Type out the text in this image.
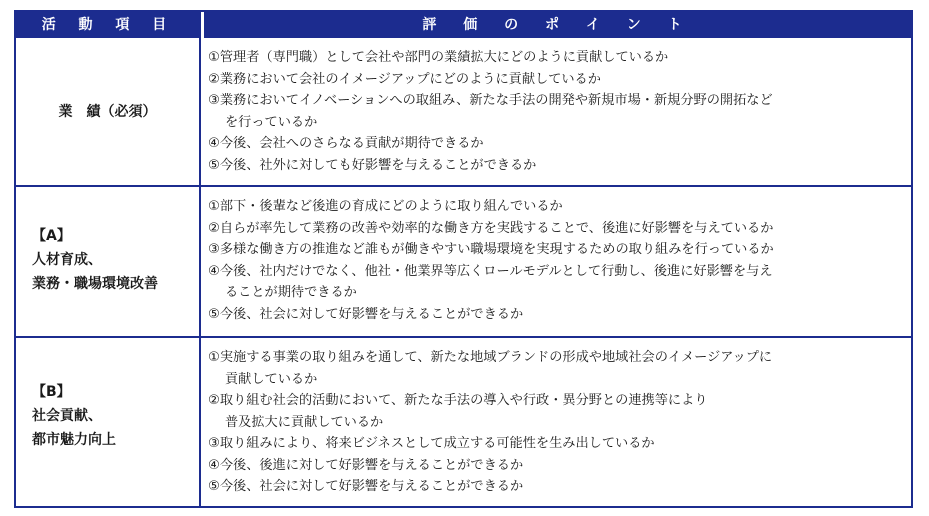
活 動 項 目	評 価 の ポ イ ン ト
業　績（必須）
①管理者（専門職）として会社や部門の業績拡大にどのように貢献しているか
②業務において会社のイメージアップにどのように貢献しているか
③業務においてイノベーションへの取組み、新たな手法の開発や新規市場・新規分野の開拓など
を行っているか
④今後、会社へのさらなる貢献が期待できるか
⑤今後、社外に対しても好影響を与えることができるか
【A】
人材育成、
業務・職場環境改善
①部下・後輩など後進の育成にどのように取り組んでいるか
②自らが率先して業務の改善や効率的な働き方を実践することで、後進に好影響を与えているか
③多様な働き方の推進など誰もが働きやすい職場環境を実現するための取り組みを行っているか
④今後、社内だけでなく、他社・他業界等広くロールモデルとして行動し、後進に好影響を与え
ることが期待できるか
⑤今後、社会に対して好影響を与えることができるか
【B】
社会貢献、
都市魅力向上
①実施する事業の取り組みを通して、新たな地域ブランドの形成や地域社会のイメージアップに
貢献しているか
②取り組む社会的活動において、新たな手法の導入や行政・異分野との連携等により
普及拡大に貢献しているか
③取り組みにより、将来ビジネスとして成立する可能性を生み出しているか
④今後、後進に対して好影響を与えることができるか
⑤今後、社会に対して好影響を与えることができるか
